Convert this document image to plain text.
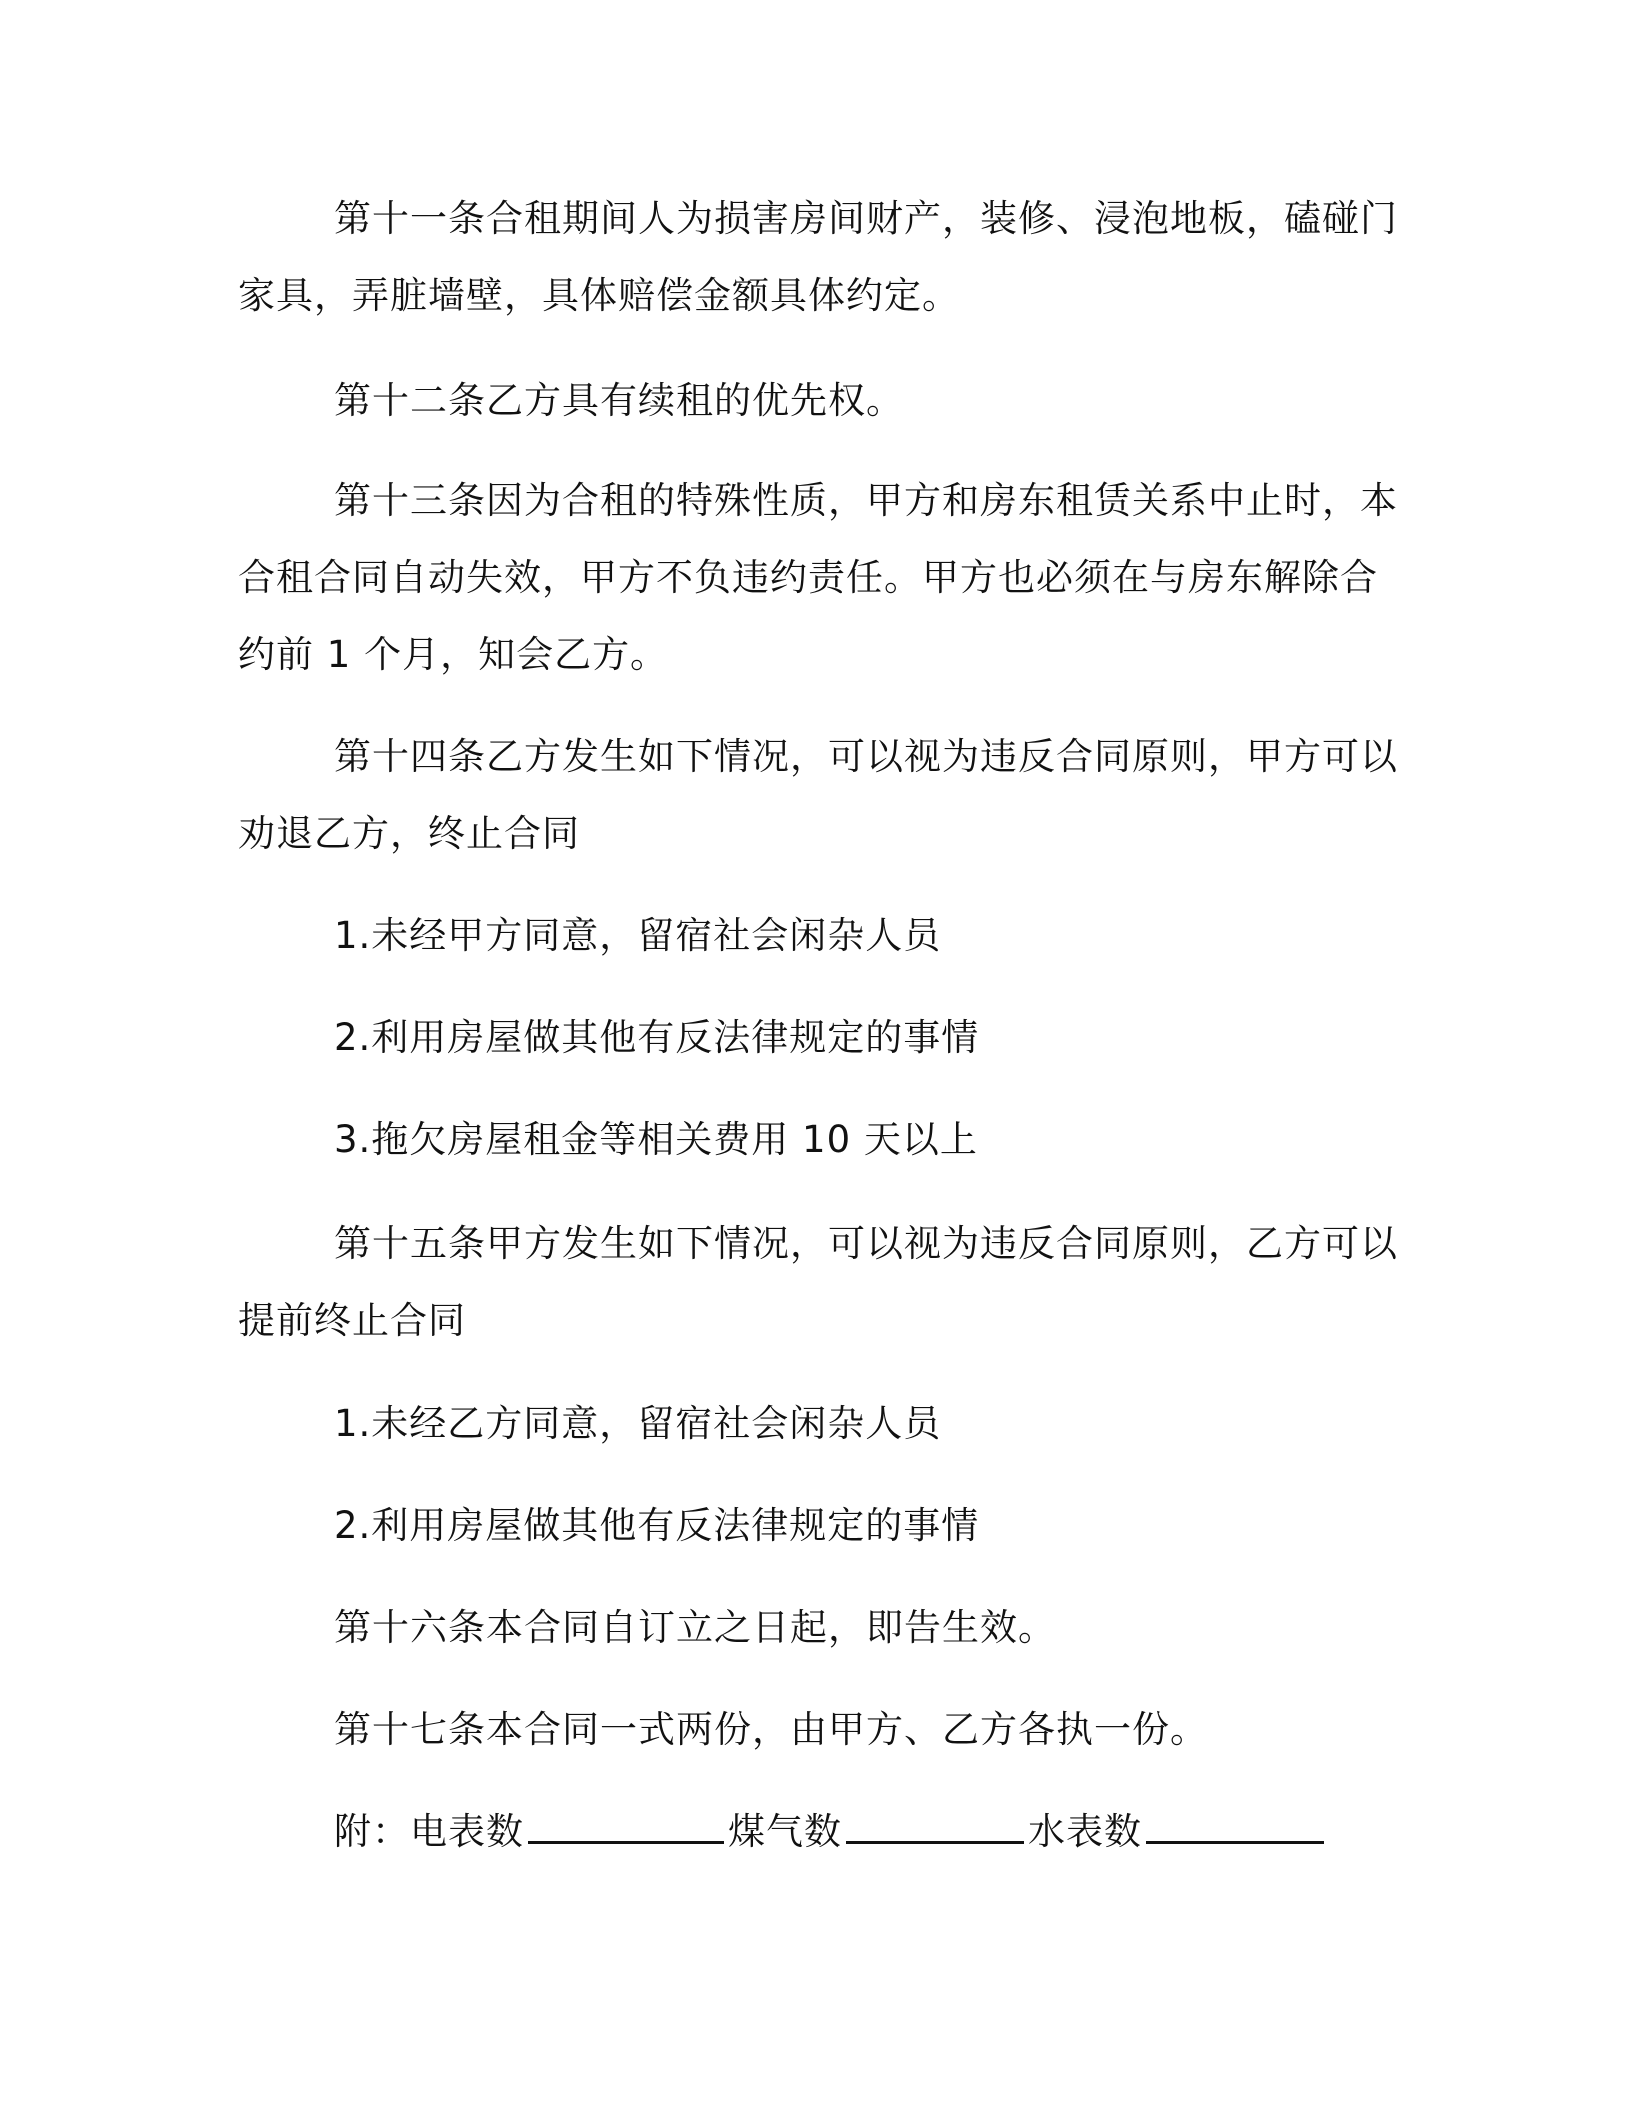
第十一条合租期间人为损害房间财产，装修、浸泡地板，磕碰门
家具，弄脏墙壁，具体赔偿金额具体约定。

第十二条乙方具有续租的优先权。

第十三条因为合租的特殊性质，甲方和房东租赁关系中止时，本
合租合同自动失效，甲方不负违约责任。甲方也必须在与房东解除合
约前 1 个月，知会乙方。
第十四条乙方发生如下情况，可以视为违反合同原则，甲方可以
劝退乙方，终止合同

1.未经甲方同意，留宿社会闲杂人员

2.利用房屋做其他有反法律规定的事情

3.拖欠房屋租金等相关费用 10 天以上

第十五条甲方发生如下情况，可以视为违反合同原则，乙方可以
提前终止合同

1.未经乙方同意，留宿社会闲杂人员

2.利用房屋做其他有反法律规定的事情

第十六条本合同自订立之日起，即告生效。

第十七条本合同一式两份，由甲方、乙方各执一份。

附：电表数	煤气数	水表数
